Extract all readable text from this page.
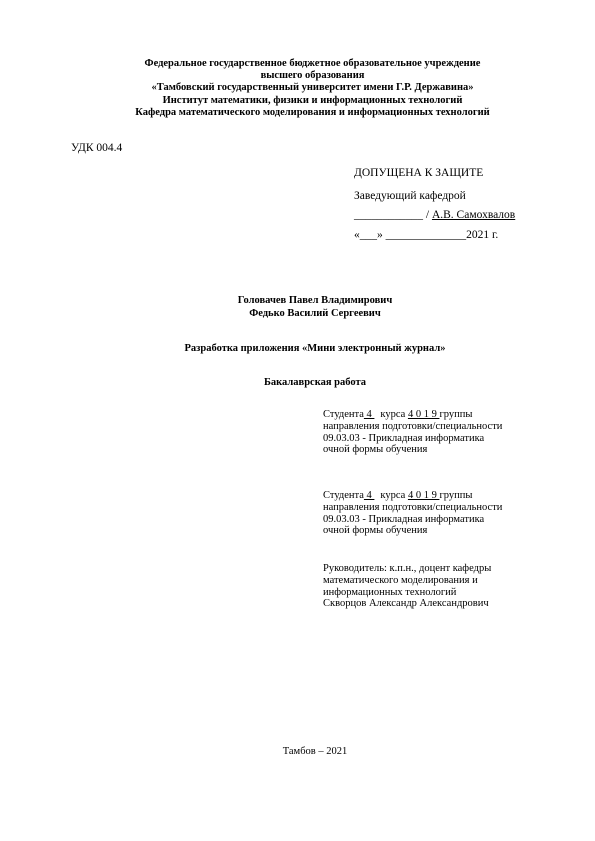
Федеральное государственное бюджетное образовательное учреждение
высшего образования
«Тамбовский государственный университет имени Г.Р. Державина»
Институт математики, физики и информационных технологий
Кафедра математического моделирования и информационных технологий
УДК 004.4
ДОПУЩЕНА К ЗАЩИТЕ
Заведующий кафедрой
____________ / А.В. Самохвалов
«___» ______________2021 г.
Головачев Павел Владимирович
Федько Василий Сергеевич
Разработка приложения «Мини электронный журнал»
Бакалаврская работа
Студента 4 курса 4 0 1 9 группы
направления подготовки/специальности
09.03.03 - Прикладная информатика
очной формы обучения
Студента 4 курса 4 0 1 9 группы
направления подготовки/специальности
09.03.03 - Прикладная информатика
очной формы обучения
Руководитель: к.п.н., доцент кафедры
математического моделирования и
информационных технологий
Скворцов Александр Александрович
Тамбов – 2021
